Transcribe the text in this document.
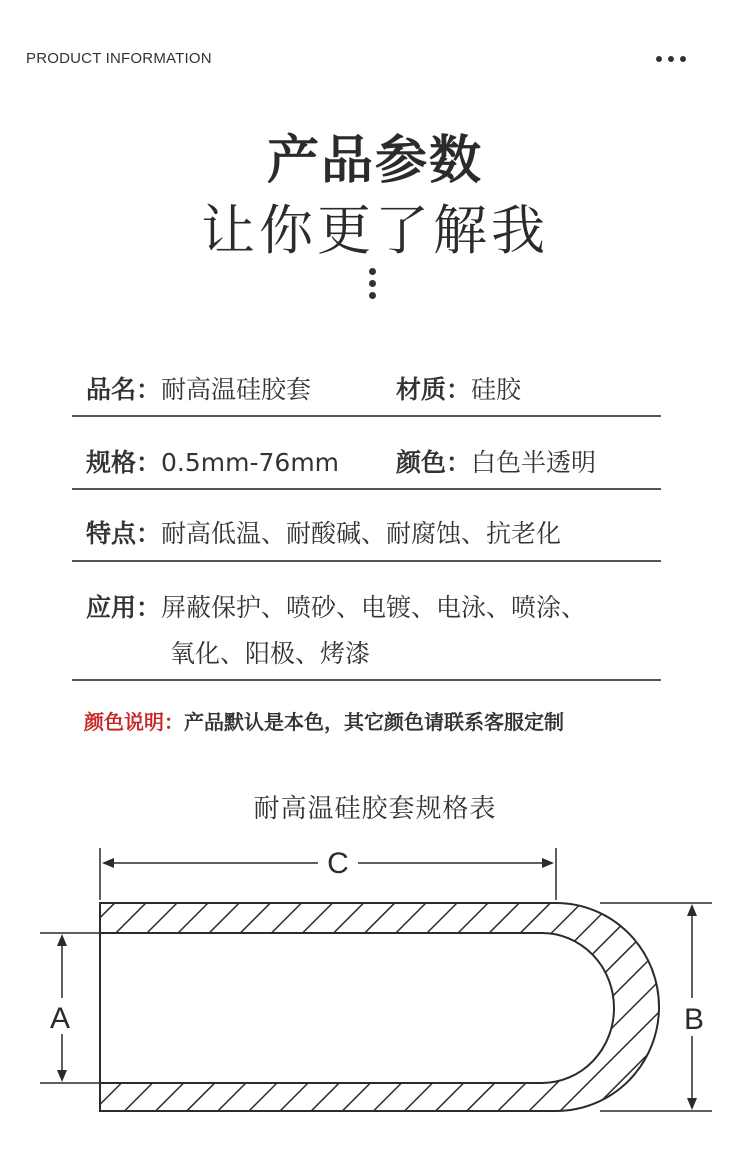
PRODUCT INFORMATION
产品参数
让你更了解我
品名：耐高温硅胶套	材质：硅胶
规格：0.5mm-76mm 颜色：白色半透明
特点：耐高低温、耐酸碱、耐腐蚀、抗老化
应用：屏蔽保护、喷砂、电镀、电泳、喷涂、
氧化、阳极、烤漆
颜色说明：产品默认是本色，其它颜色请联系客服定制
耐高温硅胶套规格表
C
A	B
